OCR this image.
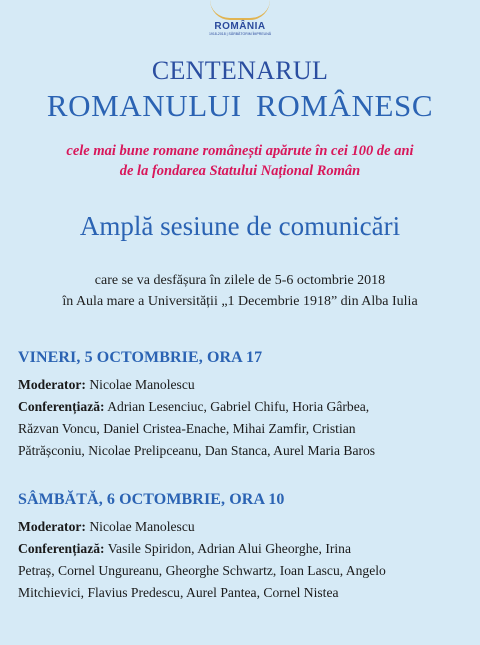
ROMÂNIA
1918-2018 | SĂRBĂTORIM ÎMPREUNĂ
CENTENARUL
ROMANULUI ROMÂNESC
cele mai bune romane românești apărute în cei 100 de ani
de la fondarea Statului Național Român
Amplă sesiune de comunicări
care se va desfășura în zilele de 5-6 octombrie 2018
în Aula mare a Universității „1 Decembrie 1918” din Alba Iulia
VINERI, 5 OCTOMBRIE, ORA 17
Moderator: Nicolae Manolescu
Conferențiază: Adrian Lesenciuc, Gabriel Chifu, Horia Gârbea,
Răzvan Voncu, Daniel Cristea-Enache, Mihai Zamfir, Cristian
Pătrășconiu, Nicolae Prelipceanu, Dan Stanca, Aurel Maria Baros
SÂMBĂTĂ, 6 OCTOMBRIE, ORA 10
Moderator: Nicolae Manolescu
Conferențiază: Vasile Spiridon, Adrian Alui Gheorghe, Irina
Petraș, Cornel Ungureanu, Gheorghe Schwartz, Ioan Lascu, Angelo
Mitchievici, Flavius Predescu, Aurel Pantea, Cornel Nistea
